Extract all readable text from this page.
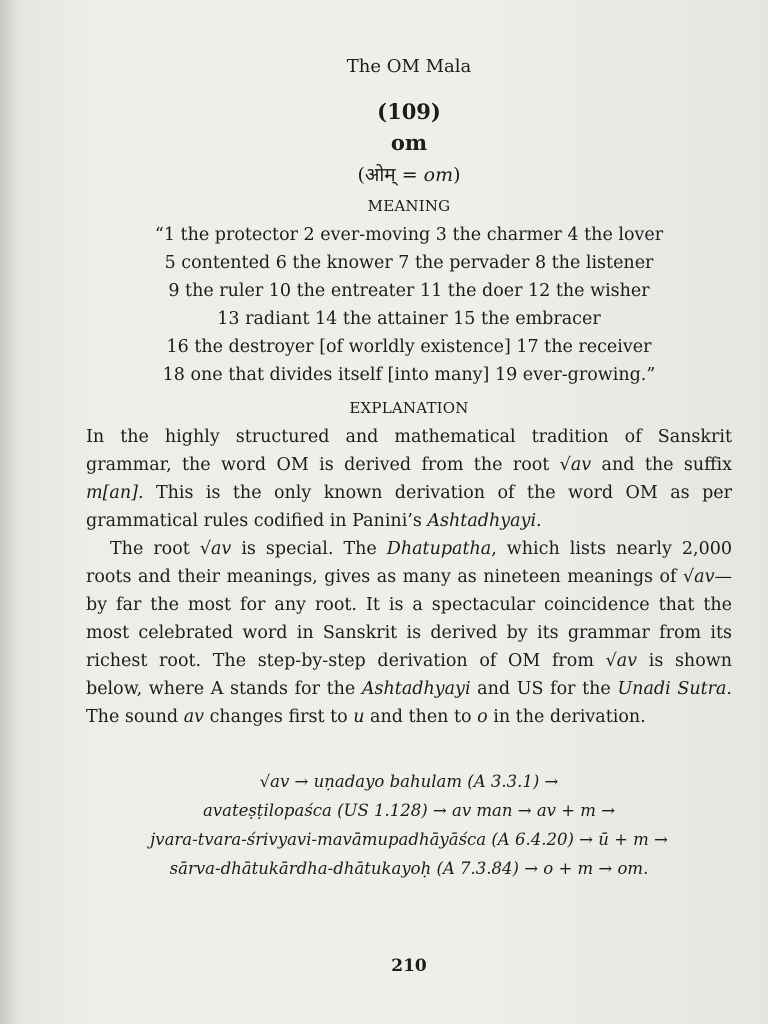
The OM Mala
(109)
om
(ओम् = om)
MEANING
“1 the protector 2 ever-moving 3 the charmer 4 the lover
5 contented 6 the knower 7 the pervader 8 the listener
9 the ruler 10 the entreater 11 the doer 12 the wisher
13 radiant 14 the attainer 15 the embracer
16 the destroyer [of worldly existence] 17 the receiver
18 one that divides itself [into many] 19 ever-growing.”
EXPLANATION

In the highly structured and mathematical tradition of Sanskrit grammar, the word OM is derived from the root √av and the suffix m[an]. This is the only known derivation of the word OM as per grammatical rules codified in Panini’s Ashtadhyayi.

The root √av is special. The Dhatupatha, which lists nearly 2,000 roots and their meanings, gives as many as nineteen meanings of √av—by far the most for any root. It is a spectacular coincidence that the most celebrated word in Sanskrit is derived by its grammar from its richest root. The step-by-step derivation of OM from √av is shown below, where A stands for the Ashtadhyayi and US for the Unadi Sutra. The sound av changes first to u and then to o in the derivation.

√av → uṇadayo bahulam (A 3.3.1) →
avateṣṭilopaśca (US 1.128) → av man → av + m →
jvara-tvara-śrivyavi-mavāmupadhāyāśca (A 6.4.20) → ū + m →
sārva-dhātukārdha-dhātukayoḥ (A 7.3.84) → o + m → om.
210
